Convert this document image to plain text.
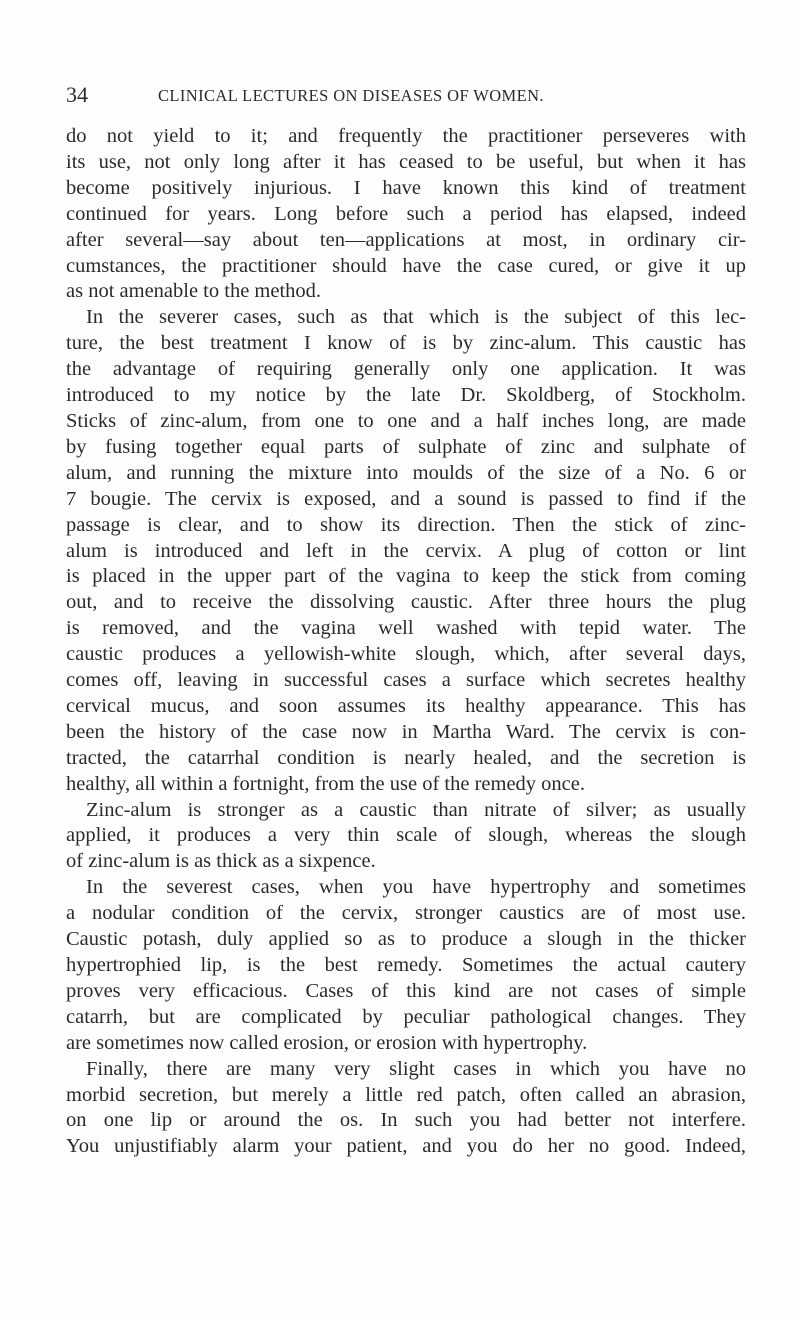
34	CLINICAL LECTURES ON DISEASES OF WOMEN.
do not yield to it; and frequently the practitioner perseveres with
its use, not only long after it has ceased to be useful, but when it has
become positively injurious. I have known this kind of treatment
continued for years. Long before such a period has elapsed, indeed
after several—say about ten—applications at most, in ordinary cir-
cumstances, the practitioner should have the case cured, or give it up
as not amenable to the method.
In the severer cases, such as that which is the subject of this lec-
ture, the best treatment I know of is by zinc-alum. This caustic has
the advantage of requiring generally only one application. It was
introduced to my notice by the late Dr. Skoldberg, of Stockholm.
Sticks of zinc-alum, from one to one and a half inches long, are made
by fusing together equal parts of sulphate of zinc and sulphate of
alum, and running the mixture into moulds of the size of a No. 6 or
7 bougie. The cervix is exposed, and a sound is passed to find if the
passage is clear, and to show its direction. Then the stick of zinc-
alum is introduced and left in the cervix. A plug of cotton or lint
is placed in the upper part of the vagina to keep the stick from coming
out, and to receive the dissolving caustic. After three hours the plug
is removed, and the vagina well washed with tepid water. The
caustic produces a yellowish-white slough, which, after several days,
comes off, leaving in successful cases a surface which secretes healthy
cervical mucus, and soon assumes its healthy appearance. This has
been the history of the case now in Martha Ward. The cervix is con-
tracted, the catarrhal condition is nearly healed, and the secretion is
healthy, all within a fortnight, from the use of the remedy once.
Zinc-alum is stronger as a caustic than nitrate of silver; as usually
applied, it produces a very thin scale of slough, whereas the slough
of zinc-alum is as thick as a sixpence.
In the severest cases, when you have hypertrophy and sometimes
a nodular condition of the cervix, stronger caustics are of most use.
Caustic potash, duly applied so as to produce a slough in the thicker
hypertrophied lip, is the best remedy. Sometimes the actual cautery
proves very efficacious. Cases of this kind are not cases of simple
catarrh, but are complicated by peculiar pathological changes. They
are sometimes now called erosion, or erosion with hypertrophy.
Finally, there are many very slight cases in which you have no
morbid secretion, but merely a little red patch, often called an abrasion,
on one lip or around the os. In such you had better not interfere.
You unjustifiably alarm your patient, and you do her no good. Indeed,
